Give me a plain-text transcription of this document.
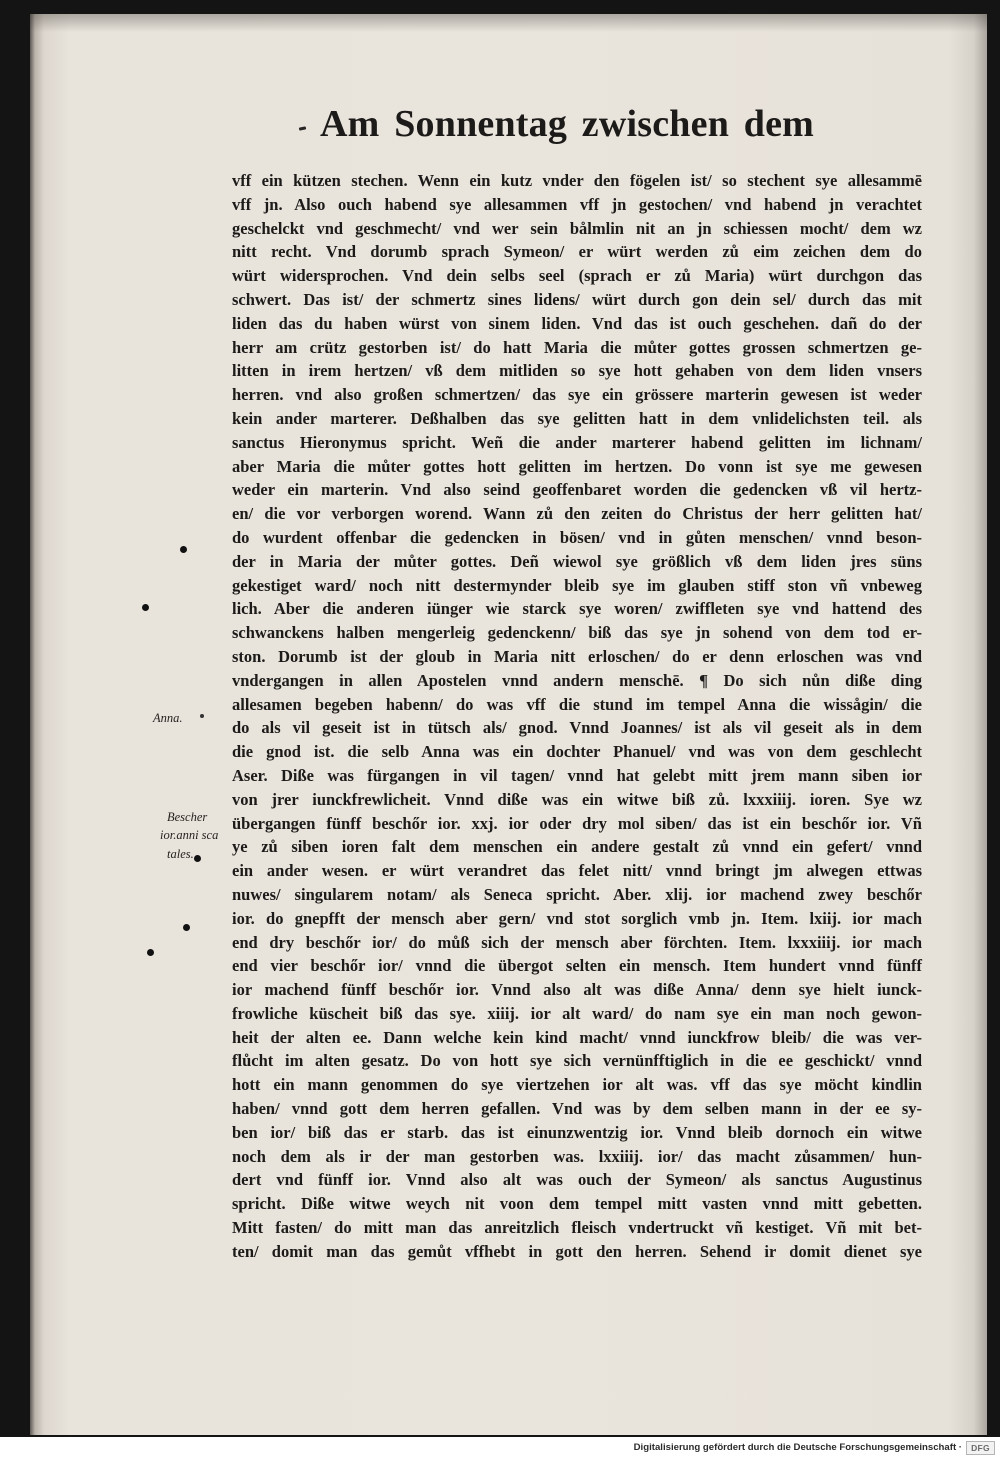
Am Sonnentag zwischen dem
vff ein kützen stechen. Wenn ein kutz vnder den fögelen ist/ so stechent sye allesammē
vff jn. Also ouch habend sye allesammen vff jn gestochen/ vnd habend jn verachtet
geschelckt vnd geschmecht/ vnd wer sein bålmlin nit an jn schiessen mocht/ dem wz
nitt recht. Vnd dorumb sprach Symeon/ er würt werden zů eim zeichen dem do
würt widersprochen. Vnd dein selbs seel (sprach er zů Maria) würt durchgon das
schwert. Das ist/ der schmertz sines lidens/ würt durch gon dein sel/ durch das mit
liden das du haben würst von sinem liden. Vnd das ist ouch geschehen. dañ do der
herr am crütz gestorben ist/ do hatt Maria die můter gottes grossen schmertzen ge-
litten in irem hertzen/ vß dem mitliden so sye hott gehaben von dem liden vnsers
herren. vnd also großen schmertzen/ das sye ein grössere marterin gewesen ist weder
kein ander marterer. Deßhalben das sye gelitten hatt in dem vnlidelichsten teil. als
sanctus Hieronymus spricht. Weñ die ander marterer habend gelitten im lichnam/
aber Maria die můter gottes hott gelitten im hertzen. Do vonn ist sye me gewesen
weder ein marterin. Vnd also seind geoffenbaret worden die gedencken vß vil hertz-
en/ die vor verborgen worend. Wann zů den zeiten do Christus der herr gelitten hat/
do wurdent offenbar die gedencken in bösen/ vnd in gůten menschen/ vnnd beson-
der in Maria der můter gottes. Deñ wiewol sye größlich vß dem liden jres süns
gekestiget ward/ noch nitt destermynder bleib sye im glauben stiff ston vñ vnbeweg
lich. Aber die anderen iünger wie starck sye woren/ zwiffleten sye vnd hattend des
schwanckens halben mengerleig gedenckenn/ biß das sye jn sohend von dem tod er-
ston. Dorumb ist der gloub in Maria nitt erloschen/ do er denn erloschen was vnd
vndergangen in allen Apostelen vnnd andern menschē. ¶ Do sich nůn diße ding
allesamen begeben habenn/ do was vff die stund im tempel Anna die wissågin/ die
do als vil geseit ist in tütsch als/ gnod. Vnnd Joannes/ ist als vil geseit als in dem
die gnod ist. die selb Anna was ein dochter Phanuel/ vnd was von dem geschlecht
Aser. Diße was fürgangen in vil tagen/ vnnd hat gelebt mitt jrem mann siben ior
von jrer iunckfrewlicheit. Vnnd diße was ein witwe biß zů. lxxxiiij. ioren. Sye wz
übergangen fünff beschőr ior. xxj. ior oder dry mol siben/ das ist ein beschőr ior. Vñ
ye zů siben ioren falt dem menschen ein andere gestalt zů vnnd ein gefert/ vnnd
ein ander wesen. er würt verandret das felet nitt/ vnnd bringt jm alwegen ettwas
nuwes/ singularem notam/ als Seneca spricht. Aber. xlij. ior machend zwey beschőr
ior. do gnepfft der mensch aber gern/ vnd stot sorglich vmb jn. Item. lxiij. ior mach
end dry beschőr ior/ do můß sich der mensch aber förchten. Item. lxxxiiij. ior mach
end vier beschőr ior/ vnnd die übergot selten ein mensch. Item hundert vnnd fünff
ior machend fünff beschőr ior. Vnnd also alt was diße Anna/ denn sye hielt iunck-
frowliche küscheit biß das sye. xiiij. ior alt ward/ do nam sye ein man noch gewon-
heit der alten ee. Dann welche kein kind macht/ vnnd iunckfrow bleib/ die was ver-
flůcht im alten gesatz. Do von hott sye sich vernünfftiglich in die ee geschickt/ vnnd
hott ein mann genommen do sye viertzehen ior alt was. vff das sye möcht kindlin
haben/ vnnd gott dem herren gefallen. Vnd was by dem selben mann in der ee sy-
ben ior/ biß das er starb. das ist einunzwentzig ior. Vnnd bleib dornoch ein witwe
noch dem als ir der man gestorben was. lxxiiij. ior/ das macht zůsammen/ hun-
dert vnd fünff ior. Vnnd also alt was ouch der Symeon/ als sanctus Augustinus
spricht. Diße witwe weych nit voon dem tempel mitt vasten vnnd mitt gebetten.
Mitt fasten/ do mitt man das anreitzlich fleisch vndertruckt vñ kestiget. Vñ mit bet-
ten/ domit man das gemůt vffhebt in gott den herren. Sehend ir domit dienet sye
Anna.
Bescher
ior.anni sca
tales.
Digitalisierung gefördert durch die Deutsche Forschungsgemeinschaft ·	DFG
